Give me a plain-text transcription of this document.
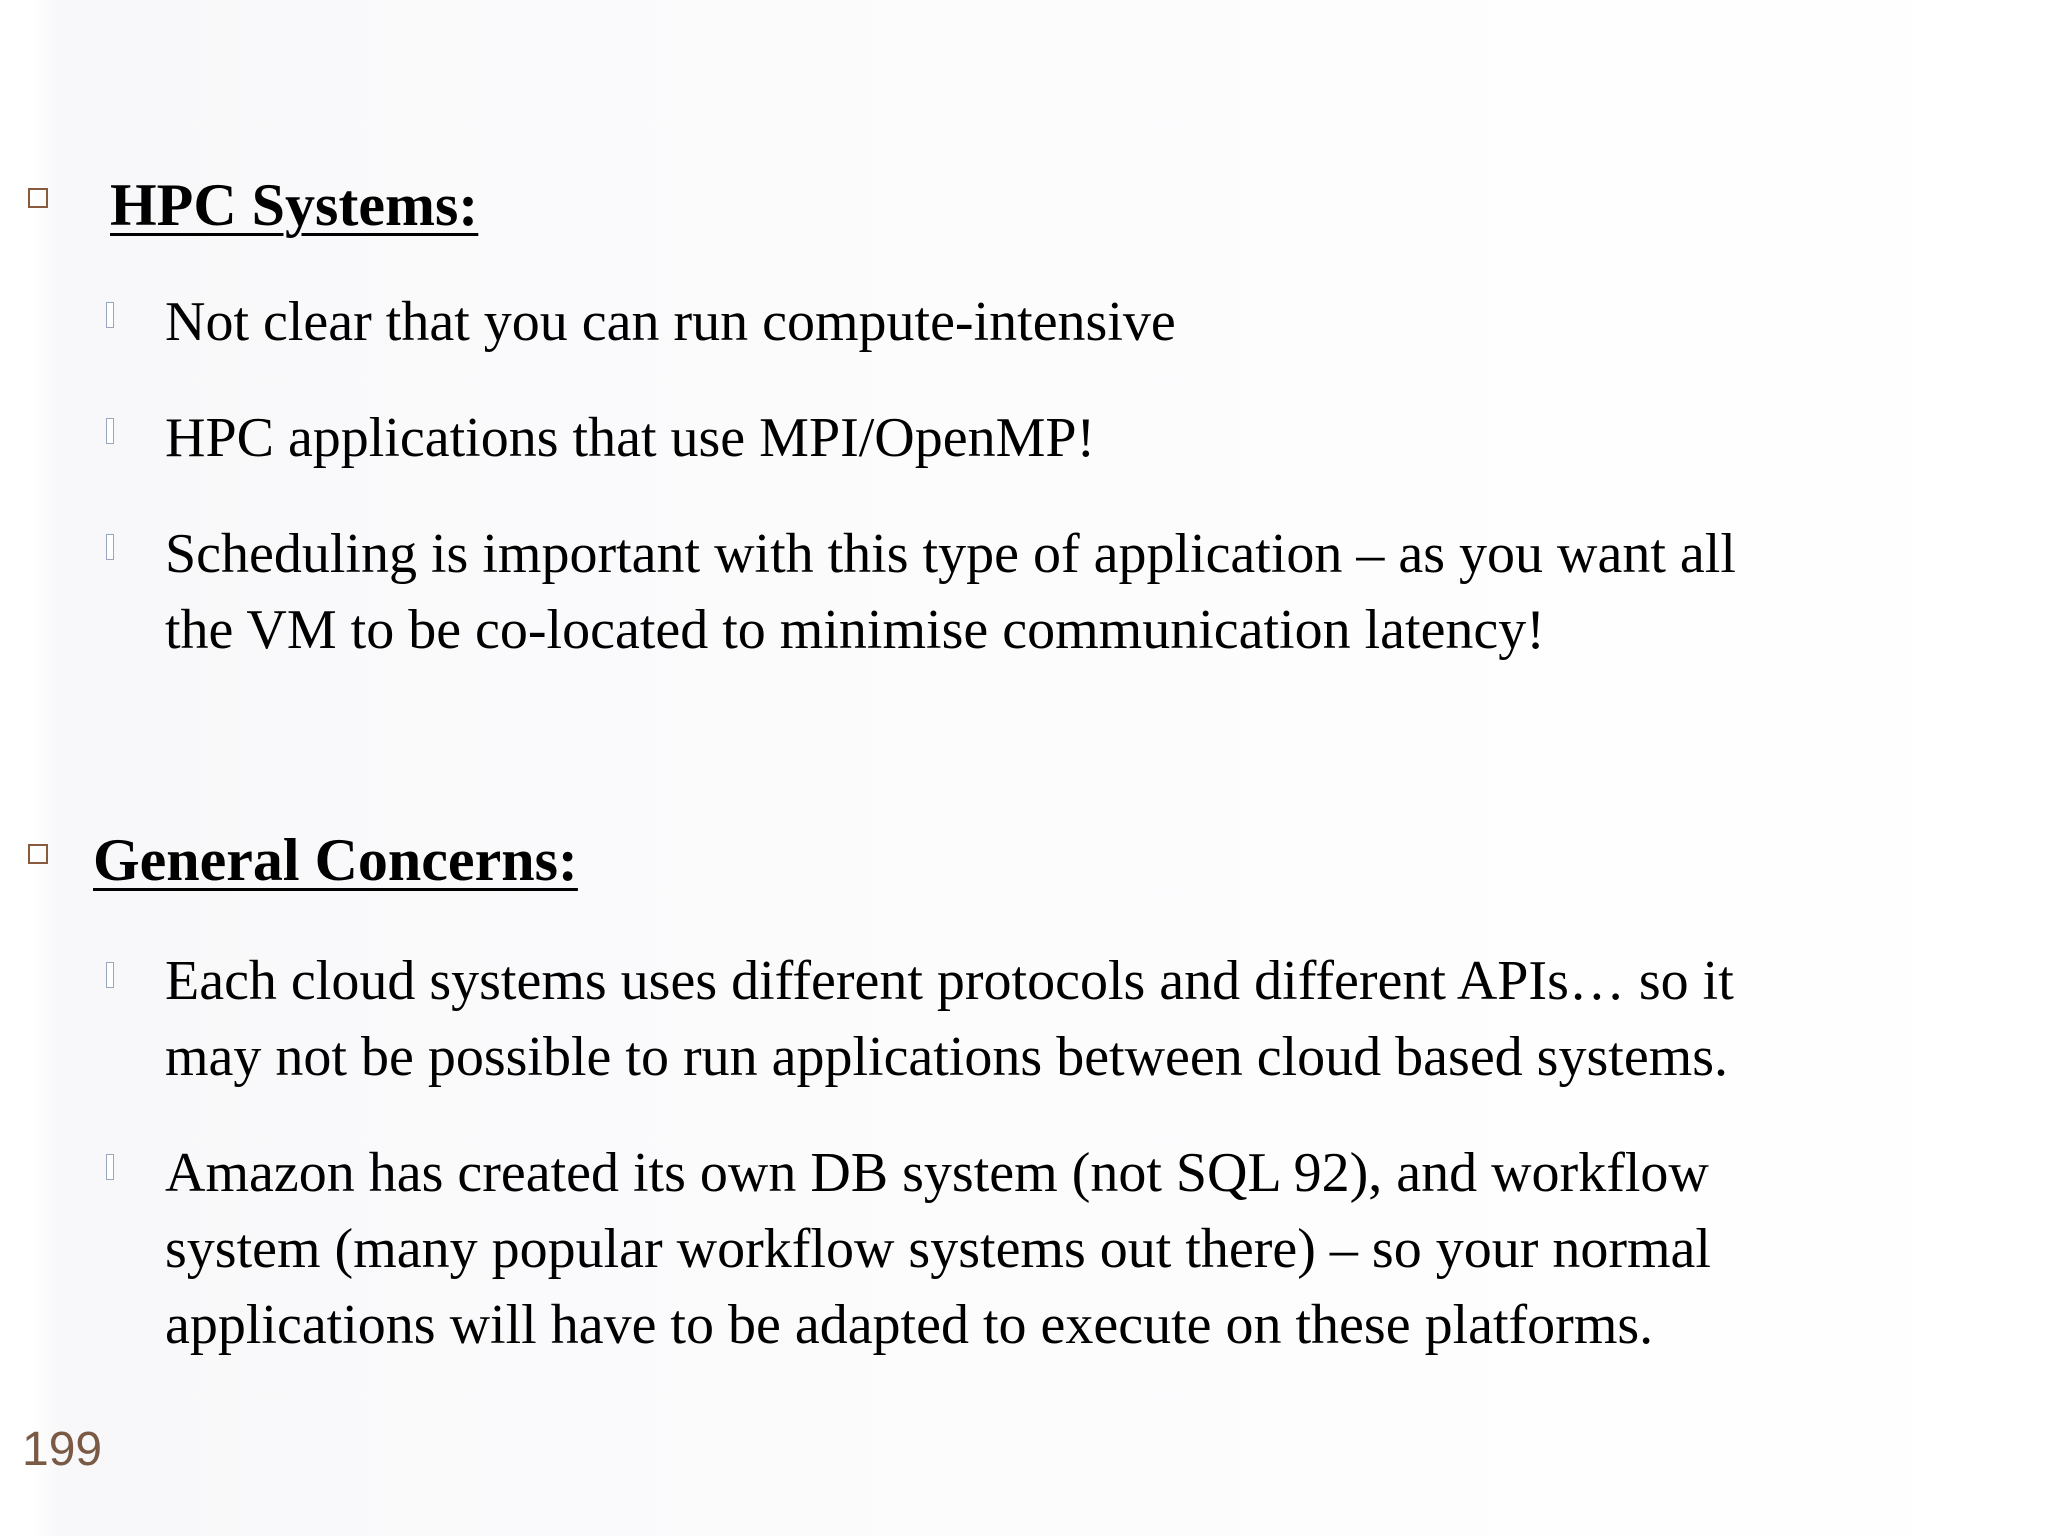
HPC Systems:
Not clear that you can run compute-intensive
HPC applications that use MPI/OpenMP!
Scheduling is important with this type of application – as you want all
the VM to be co-located to minimise communication latency!
General Concerns:
Each cloud systems uses different protocols and different APIs… so it
may not be possible to run applications between cloud based systems.
Amazon has created its own DB system (not SQL 92), and workflow
system (many popular workflow systems out there) – so your normal
applications will have to be adapted to execute on these platforms.
199
